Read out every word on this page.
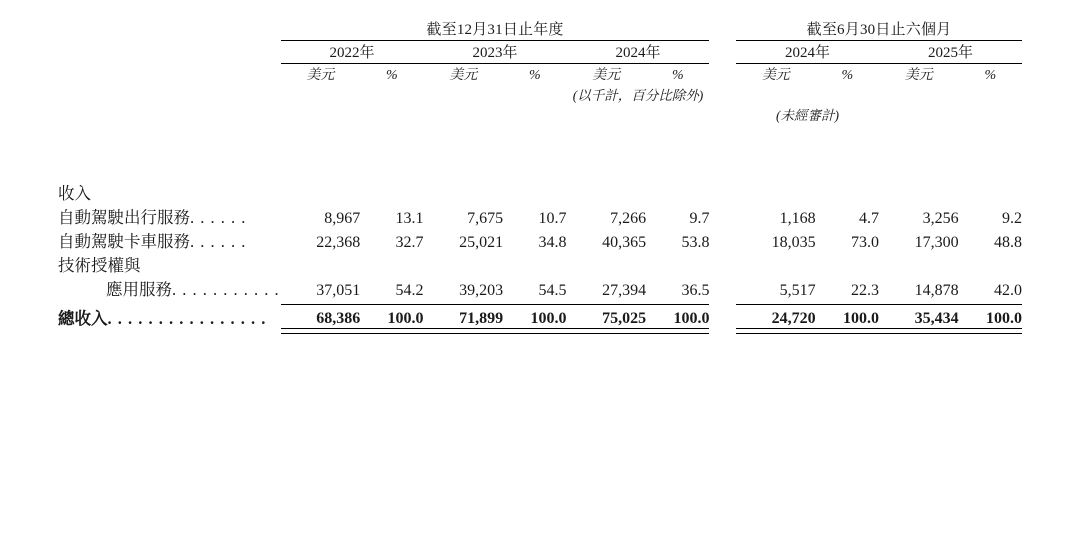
	截至12月31日止年度							截至6月30日止六個月			

	2022年		2023年		2024年			2024年		2025年	

	美元	%	美元	%	美元	%		美元	%	美元	%
					(以千計，百分比除外)						
								(未經審計)			

收入											
自動駕駛出行服務. . . . . .	8,967	13.1	7,675	10.7	7,266	9.7		1,168	4.7	3,256	9.2
自動駕駛卡車服務. . . . . .	22,368	32.7	25,021	34.8	40,365	53.8		18,035	73.0	17,300	48.8
技術授權與											
應用服務. . . . . . . . . . .	37,051	54.2	39,203	54.5	27,394	36.5		5,517	22.3	14,878	42.0

總收入. . . . . . . . . . . . . . . .	68,386	100.0	71,899	100.0	75,025	100.0		24,720	100.0	35,434	100.0
